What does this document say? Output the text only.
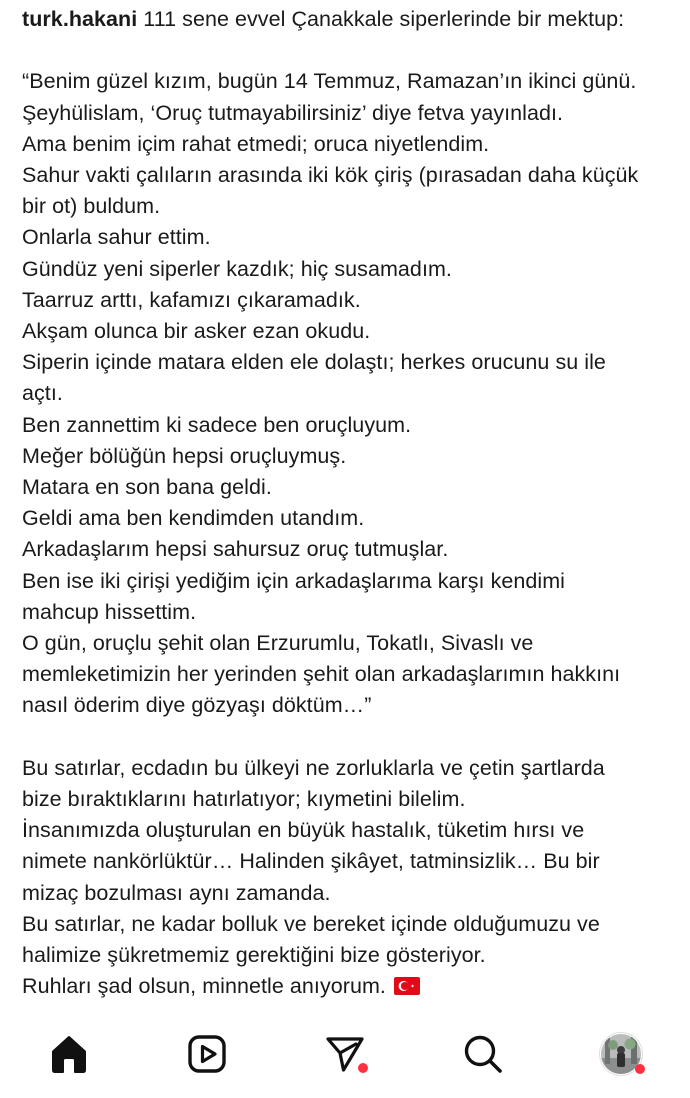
turk.hakani 111 sene evvel Çanakkale siperlerinde bir mektup:
“Benim güzel kızım, bugün 14 Temmuz, Ramazan’ın ikinci günü.
Şeyhülislam, ‘Oruç tutmayabilirsiniz’ diye fetva yayınladı.
Ama benim içim rahat etmedi; oruca niyetlendim.
Sahur vakti çalıların arasında iki kök çiriş (pırasadan daha küçük
bir ot) buldum.
Onlarla sahur ettim.
Gündüz yeni siperler kazdık; hiç susamadım.
Taarruz arttı, kafamızı çıkaramadık.
Akşam olunca bir asker ezan okudu.
Siperin içinde matara elden ele dolaştı; herkes orucunu su ile
açtı.
Ben zannettim ki sadece ben oruçluyum.
Meğer bölüğün hepsi oruçluymuş.
Matara en son bana geldi.
Geldi ama ben kendimden utandım.
Arkadaşlarım hepsi sahursuz oruç tutmuşlar.
Ben ise iki çirişi yediğim için arkadaşlarıma karşı kendimi
mahcup hissettim.
O gün, oruçlu şehit olan Erzurumlu, Tokatlı, Sivaslı ve
memleketimizin her yerinden şehit olan arkadaşlarımın hakkını
nasıl öderim diye gözyaşı döktüm…”
Bu satırlar, ecdadın bu ülkeyi ne zorluklarla ve çetin şartlarda
bize bıraktıklarını hatırlatıyor; kıymetini bilelim.
İnsanımızda oluşturulan en büyük hastalık, tüketim hırsı ve
nimete nankörlüktür… Halinden şikâyet, tatminsizlik… Bu bir
mizaç bozulması aynı zamanda.
Bu satırlar, ne kadar bolluk ve bereket içinde olduğumuzu ve
halimize şükretmemiz gerektiğini bize gösteriyor.
Ruhları şad olsun, minnetle anıyorum.
